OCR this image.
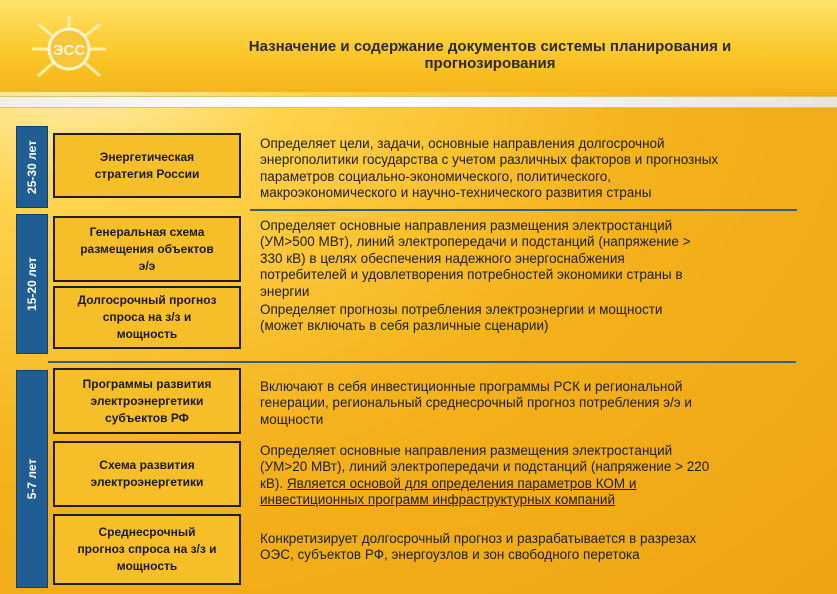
ЭСС	Назначение и содержание документов системы планирования и
прогнозирования
25-30 лет
15-20 лет
5-7 лет
Энергетическая
стратегия России
Генеральная схема
размещения объектов
э/э
Долгосрочный прогноз
спроса на з/з и
мощность
Программы развития
электроэнергетики
субъектов РФ
Схема развития
электроэнергетики
Среднесрочный
прогноз спроса на з/з и
мощность
Определяет цели, задачи, основные направления долгосрочной
энергополитики государства с учетом различных факторов и прогнозных
параметров социально-экономического, политического,
макроэкономического и научно-технического развития страны
Определяет основные направления размещения электростанций
(УМ>500 МВт), линий электропередачи и подстанций (напряжение >
330 кВ) в целях обеспечения надежного энергоснабжения
потребителей и удовлетворения потребностей экономики страны в
энергии
Определяет прогнозы потребления электроэнергии и мощности
(может включать в себя различные сценарии)
Включают в себя инвестиционные программы РСК и региональной
генерации, региональный среднесрочный прогноз потребления э/э и
мощности
Определяет основные направления размещения электростанций
(УМ>20 МВт), линий электропередачи и подстанций (напряжение > 220
кВ). Является основой для определения параметров КОМ и
инвестиционных программ инфраструктурных компаний
Конкретизирует долгосрочный прогноз и разрабатывается в разрезах
ОЭС, субъектов РФ, энергоузлов и зон свободного перетока
